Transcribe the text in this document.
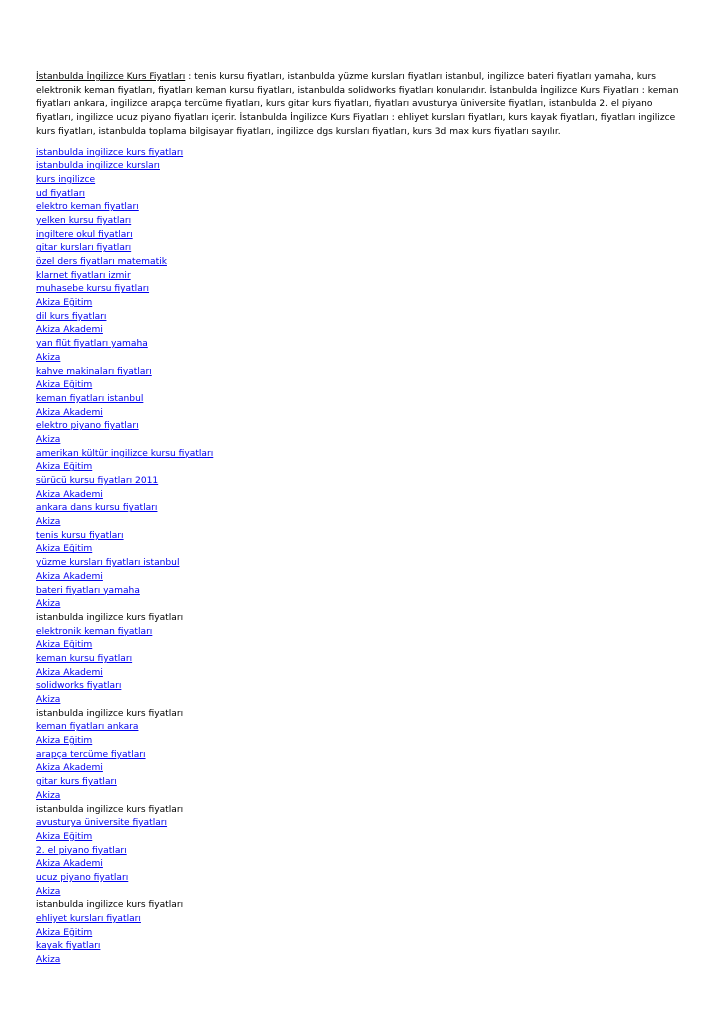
İstanbulda İngilizce Kurs Fiyatları : tenis kursu fiyatları, istanbulda yüzme kursları fiyatları istanbul, ingilizce bateri fiyatları yamaha, kurs elektronik keman fiyatları, fiyatları keman kursu fiyatları, istanbulda solidworks fiyatları konularıdır. İstanbulda İngilizce Kurs Fiyatları : keman fiyatları ankara, ingilizce arapça tercüme fiyatları, kurs gitar kurs fiyatları, fiyatları avusturya üniversite fiyatları, istanbulda 2. el piyano fiyatları, ingilizce ucuz piyano fiyatları içerir. İstanbulda İngilizce Kurs Fiyatları : ehliyet kursları fiyatları, kurs kayak fiyatları, fiyatları ingilizce kurs fiyatları, istanbulda toplama bilgisayar fiyatları, ingilizce dgs kursları fiyatları, kurs 3d max kurs fiyatları sayılır.

istanbulda ingilizce kurs fiyatları
istanbulda ingilizce kursları
kurs ingilizce
ud fiyatları
elektro keman fiyatları
yelken kursu fiyatları
ingiltere okul fiyatları
gitar kursları fiyatları
özel ders fiyatları matematik
klarnet fiyatları izmir
muhasebe kursu fiyatları
Akiza Eğitim
dil kurs fiyatları
Akiza Akademi
yan flüt fiyatları yamaha
Akiza
kahve makinaları fiyatları
Akiza Eğitim
keman fiyatları istanbul
Akiza Akademi
elektro piyano fiyatları
Akiza
amerikan kültür ingilizce kursu fiyatları
Akiza Eğitim
sürücü kursu fiyatları 2011
Akiza Akademi
ankara dans kursu fiyatları
Akiza
tenis kursu fiyatları
Akiza Eğitim
yüzme kursları fiyatları istanbul
Akiza Akademi
bateri fiyatları yamaha
Akiza
istanbulda ingilizce kurs fiyatları
elektronik keman fiyatları
Akiza Eğitim
keman kursu fiyatları
Akiza Akademi
solidworks fiyatları
Akiza
istanbulda ingilizce kurs fiyatları
keman fiyatları ankara
Akiza Eğitim
arapça tercüme fiyatları
Akiza Akademi
gitar kurs fiyatları
Akiza
istanbulda ingilizce kurs fiyatları
avusturya üniversite fiyatları
Akiza Eğitim
2. el piyano fiyatları
Akiza Akademi
ucuz piyano fiyatları
Akiza
istanbulda ingilizce kurs fiyatları
ehliyet kursları fiyatları
Akiza Eğitim
kayak fiyatları
Akiza
